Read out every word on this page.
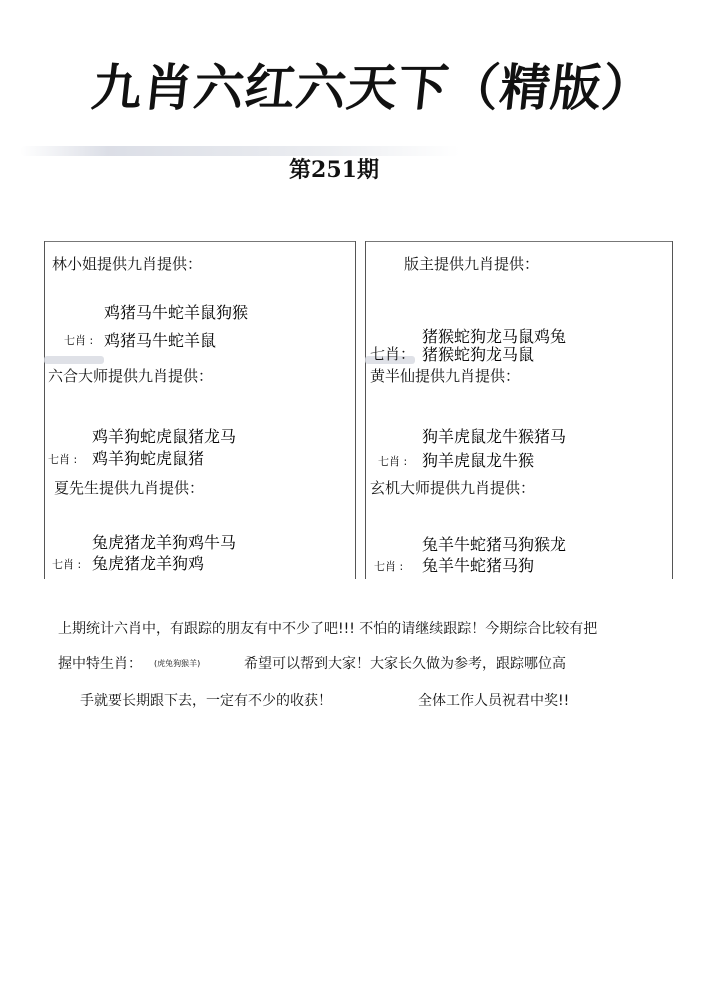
九肖六红六天下（精版）
第251期
林小姐提供九肖提供：
鸡猪马牛蛇羊鼠狗猴
七肖 : 鸡猪马牛蛇羊鼠
版主提供九肖提供：
猪猴蛇狗龙马鼠鸡兔
七肖： 猪猴蛇狗龙马鼠
六合大师提供九肖提供：
鸡羊狗蛇虎鼠猪龙马
七肖 : 鸡羊狗蛇虎鼠猪
黄半仙提供九肖提供：
狗羊虎鼠龙牛猴猪马
七肖 : 狗羊虎鼠龙牛猴
夏先生提供九肖提供：
兔虎猪龙羊狗鸡牛马
七肖 : 兔虎猪龙羊狗鸡
玄机大师提供九肖提供：
兔羊牛蛇猪马狗猴龙
七肖 : 兔羊牛蛇猪马狗
上期统计六肖中，有跟踪的朋友有中不少了吧!!! 不怕的请继续跟踪！今期综合比较有把
握中特生肖： (虎兔狗猴羊)	希望可以帮到大家！大家长久做为参考，跟踪哪位高
手就要长期跟下去，一定有不少的收获！	全体工作人员祝君中奖!!
